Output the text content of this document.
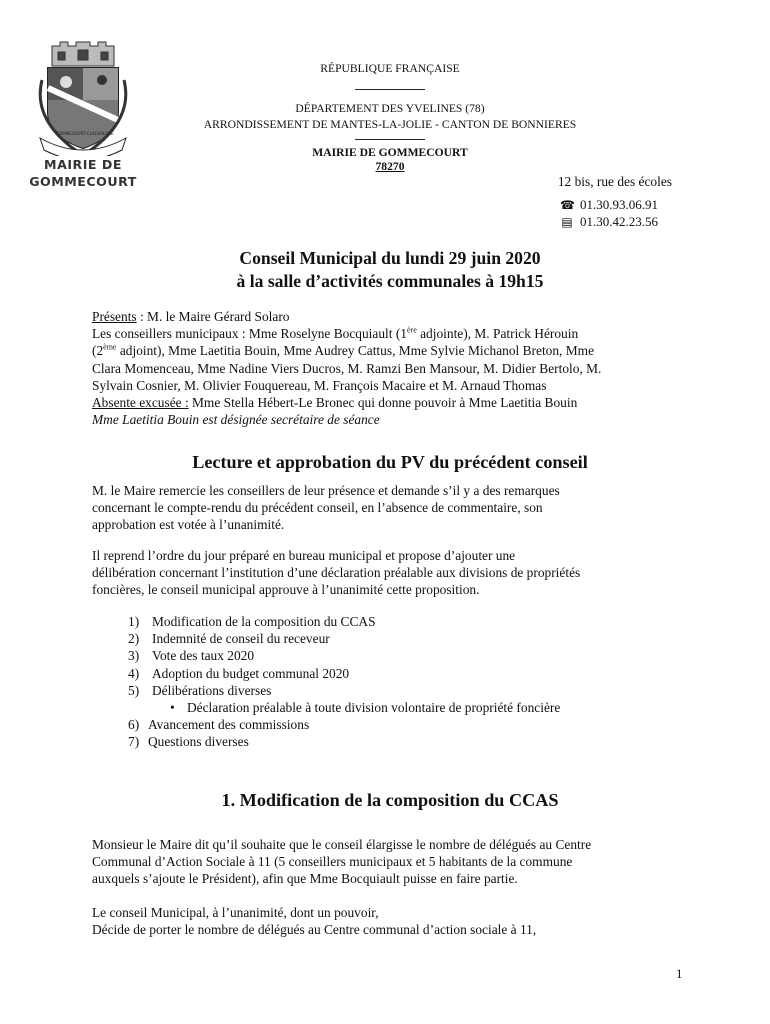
COMMECOURT·CLACHALOZE
MAIRIE DE
GOMMECOURT
RÉPUBLIQUE FRANÇAISE
DÉPARTEMENT DES YVELINES (78)
ARRONDISSEMENT DE MANTES-LA-JOLIE - CANTON DE BONNIERES
MAIRIE DE GOMMECOURT
78270
12 bis, rue des écoles
☎ 01.30.93.06.91
▤ 01.30.42.23.56
Conseil Municipal du lundi 29 juin 2020
à la salle d’activités communales à 19h15
Présents : M. le Maire Gérard Solaro
Les conseillers municipaux : Mme Roselyne Bocquiault (1ère adjointe), M. Patrick Hérouin
(2ème adjoint), Mme Laetitia Bouin, Mme Audrey Cattus, Mme Sylvie Michanol Breton, Mme
Clara Momenceau, Mme Nadine Viers Ducros, M. Ramzi Ben Mansour, M. Didier Bertolo, M.
Sylvain Cosnier, M. Olivier Fouquereau, M. François Macaire et M. Arnaud Thomas
Absente excusée : Mme Stella Hébert-Le Bronec qui donne pouvoir à Mme Laetitia Bouin
Mme Laetitia Bouin est désignée secrétaire de séance
Lecture et approbation du PV du précédent conseil
M. le Maire remercie les conseillers de leur présence et demande s’il y a des remarques
concernant le compte-rendu du précédent conseil, en l’absence de commentaire, son
approbation est votée à l’unanimité.
Il reprend l’ordre du jour préparé en bureau municipal et propose d’ajouter une
délibération concernant l’institution d’une déclaration préalable aux divisions de propriétés
foncières, le conseil municipal approuve à l’unanimité cette proposition.
1) Modification de la composition du CCAS
2) Indemnité de conseil du receveur
3) Vote des taux 2020
4) Adoption du budget communal 2020
5) Délibérations diverses
• Déclaration préalable à toute division volontaire de propriété foncière
6) Avancement des commissions
7) Questions diverses
1. Modification de la composition du CCAS
Monsieur le Maire dit qu’il souhaite que le conseil élargisse le nombre de délégués au Centre
Communal d’Action Sociale à 11 (5 conseillers municipaux et 5 habitants de la commune
auxquels s’ajoute le Président), afin que Mme Bocquiault puisse en faire partie.
Le conseil Municipal, à l’unanimité, dont un pouvoir,
Décide de porter le nombre de délégués au Centre communal d’action sociale à 11,
1
